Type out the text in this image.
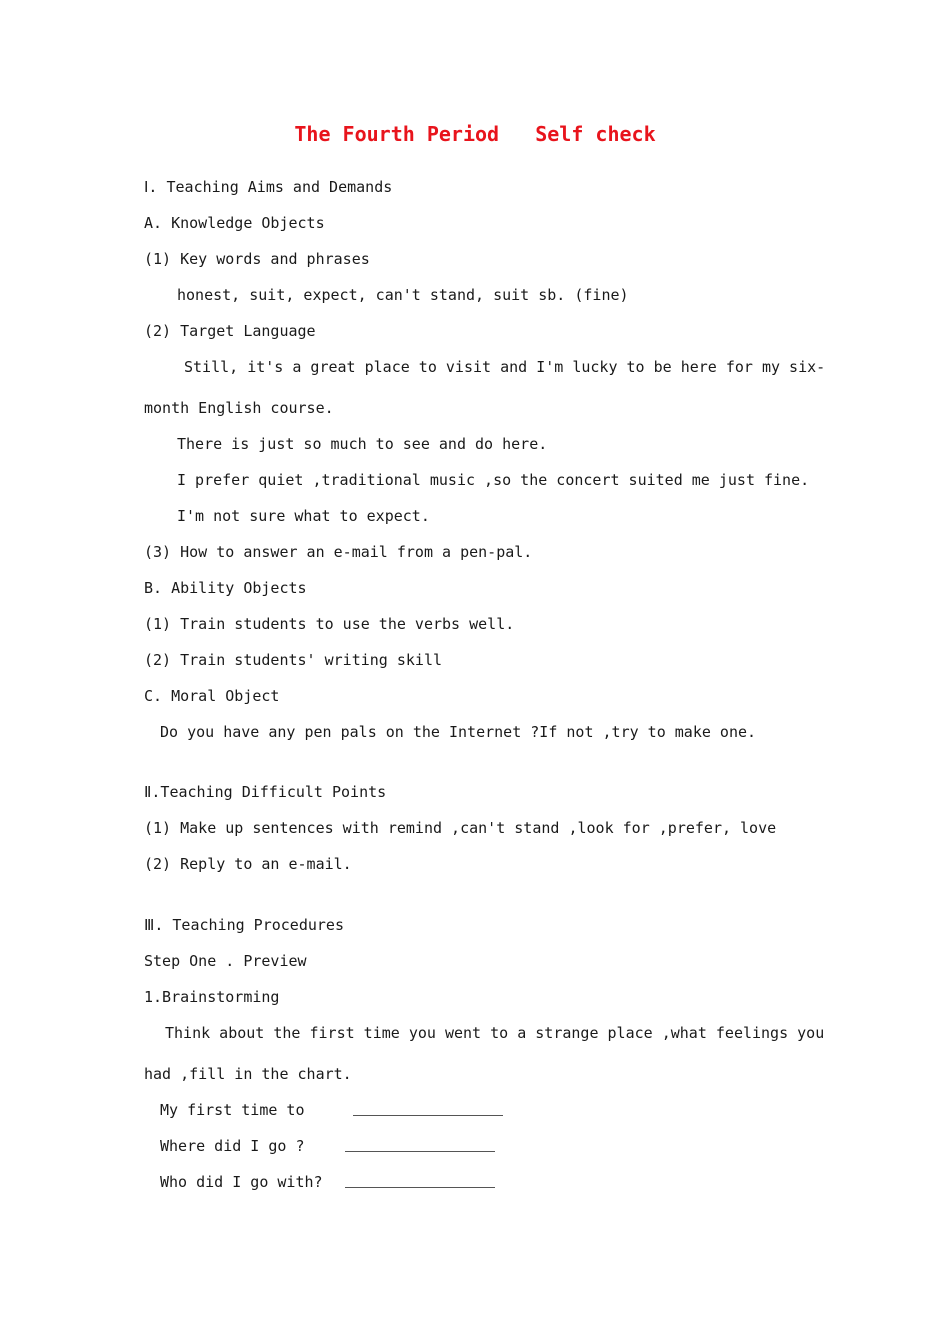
The Fourth Period   Self check
Ⅰ. Teaching Aims and Demands
A. Knowledge Objects
(1) Key words and phrases
honest, suit, expect, can't stand, suit sb. (fine)
(2) Target Language
Still, it's a great place to visit and I'm lucky to be here for my six-
month English course.
There is just so much to see and do here.
I prefer quiet ,traditional music ,so the concert suited me just fine.
I'm not sure what to expect.
(3) How to answer an e-mail from a pen-pal.
B. Ability Objects
(1) Train students to use the verbs well.
(2) Train students' writing skill
C. Moral Object
Do you have any pen pals on the Internet ?If not ,try to make one.
Ⅱ.Teaching Difficult Points
(1) Make up sentences with remind ,can't stand ,look for ,prefer, love
(2) Reply to an e-mail.
Ⅲ. Teaching Procedures
Step One . Preview
1.Brainstorming
Think about the first time you went to a strange place ,what feelings you
had ,fill in the chart.
My first time to
Where did I go ?
Who did I go with?
